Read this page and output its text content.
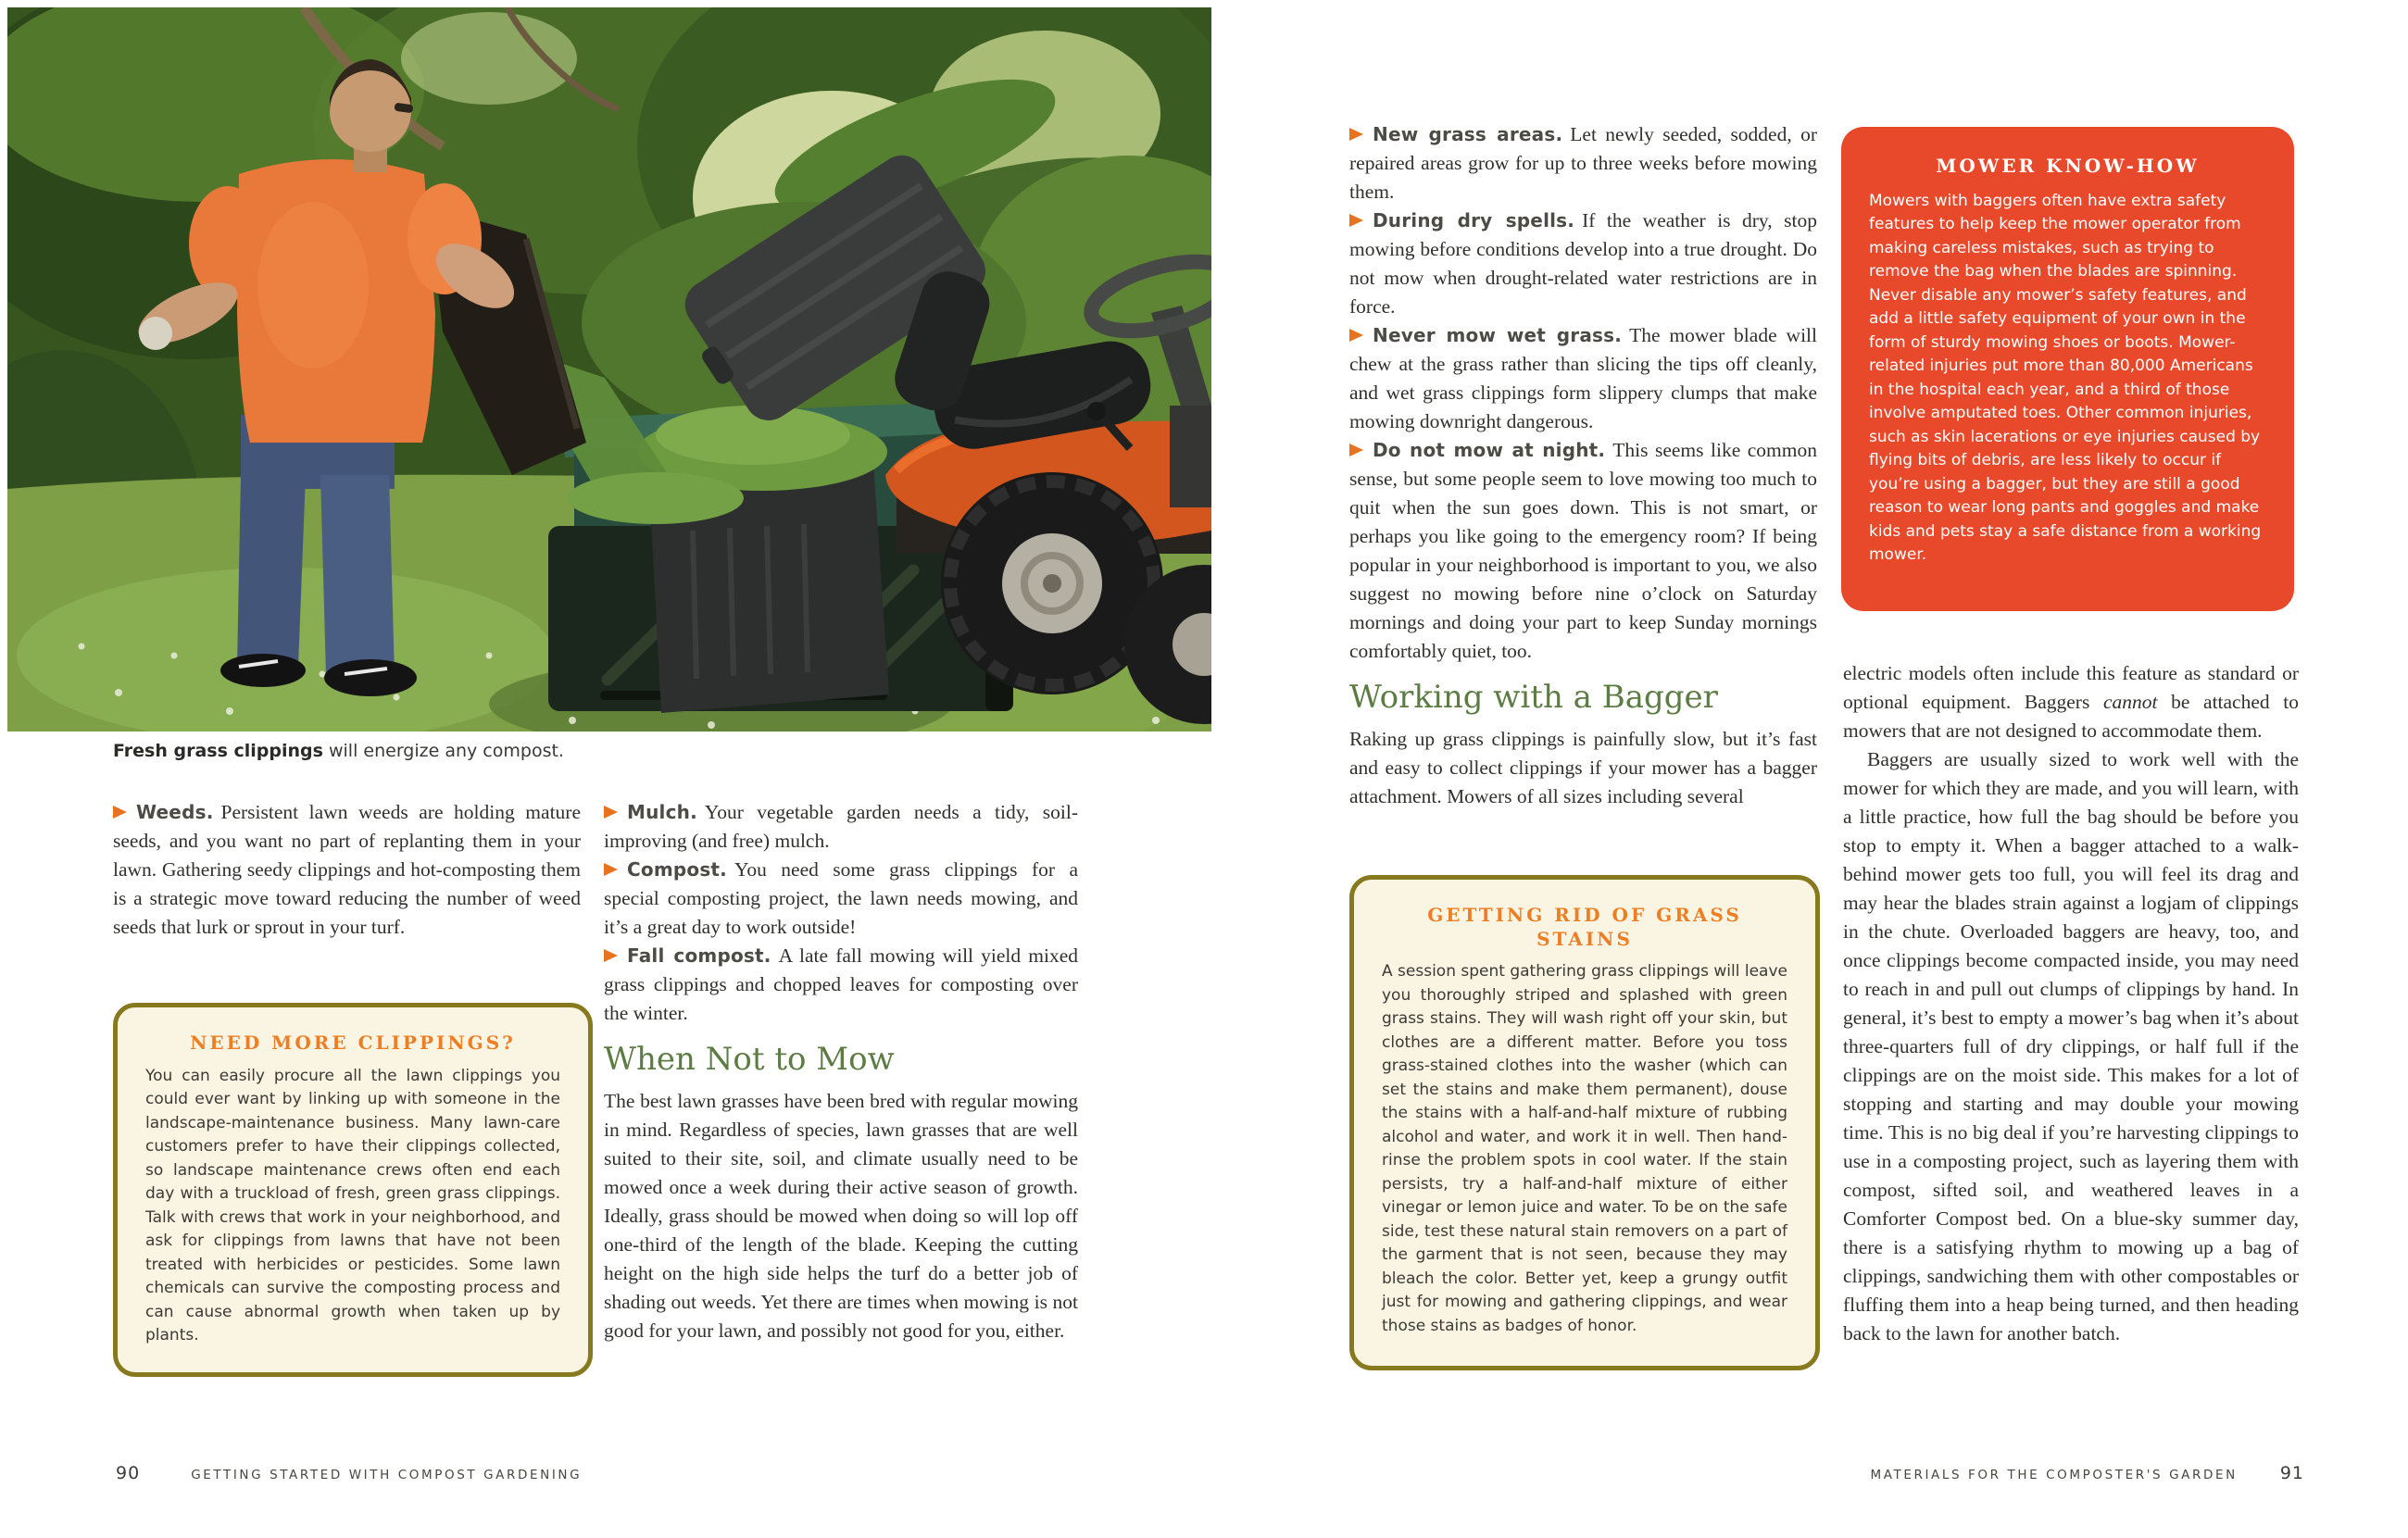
Fresh grass clippings will energize any compost.

Weeds. Persistent lawn weeds are holding mature seeds, and you want no part of replanting them in your lawn. Gathering seedy clippings and hot-composting them is a strategic move toward reducing the number of weed seeds that lurk or sprout in your turf.

NEED MORE CLIPPINGS?

You can easily procure all the lawn clippings you could ever want by linking up with someone in the landscape-maintenance business. Many lawn-care customers prefer to have their clippings collected, so landscape maintenance crews often end each day with a truckload of fresh, green grass clippings. Talk with crews that work in your neighborhood, and ask for clippings from lawns that have not been treated with herbicides or pesticides. Some lawn chemicals can survive the composting process and can cause abnormal growth when taken up by plants.

Mulch. Your vegetable garden needs a tidy, soil-improving (and free) mulch.

Compost. You need some grass clippings for a special composting project, the lawn needs mowing, and it’s a great day to work outside!

Fall compost. A late fall mowing will yield mixed grass clippings and chopped leaves for composting over the winter.

When Not to Mow

The best lawn grasses have been bred with regular mowing in mind. Regardless of species, lawn grasses that are well suited to their site, soil, and climate usually need to be mowed once a week during their active season of growth. Ideally, grass should be mowed when doing so will lop off one-third of the length of the blade. Keeping the cutting height on the high side helps the turf do a better job of shading out weeds. Yet there are times when mowing is not good for your lawn, and possibly not good for you, either.

New grass areas. Let newly seeded, sodded, or repaired areas grow for up to three weeks before mowing them.

During dry spells. If the weather is dry, stop mowing before conditions develop into a true drought. Do not mow when drought-related water restrictions are in force.

Never mow wet grass. The mower blade will chew at the grass rather than slicing the tips off cleanly, and wet grass clippings form slippery clumps that make mowing downright dangerous.

Do not mow at night. This seems like common sense, but some people seem to love mowing too much to quit when the sun goes down. This is not smart, or perhaps you like going to the emergency room? If being popular in your neighborhood is important to you, we also suggest no mowing before nine o’clock on Saturday mornings and doing your part to keep Sunday mornings comfortably quiet, too.

Working with a Bagger

Raking up grass clippings is painfully slow, but it’s fast and easy to collect clippings if your mower has a bagger attachment. Mowers of all sizes including several

GETTING RID OF GRASS STAINS

A session spent gathering grass clippings will leave you thoroughly striped and splashed with green grass stains. They will wash right off your skin, but clothes are a different matter. Before you toss grass-stained clothes into the washer (which can set the stains and make them permanent), douse the stains with a half-and-half mixture of rubbing alcohol and water, and work it in well. Then hand-rinse the problem spots in cool water. If the stain persists, try a half-and-half mixture of either vinegar or lemon juice and water. To be on the safe side, test these natural stain removers on a part of the garment that is not seen, because they may bleach the color. Better yet, keep a grungy outfit just for mowing and gathering clippings, and wear those stains as badges of honor.

MOWER KNOW-HOW

Mowers with baggers often have extra safety features to help keep the mower operator from making careless mistakes, such as trying to remove the bag when the blades are spinning. Never disable any mower’s safety features, and add a little safety equipment of your own in the form of sturdy mowing shoes or boots. Mower-related injuries put more than 80,000 Americans in the hospital each year, and a third of those involve amputated toes. Other common injuries, such as skin lacerations or eye injuries caused by flying bits of debris, are less likely to occur if you’re using a bagger, but they are still a good reason to wear long pants and goggles and make kids and pets stay a safe distance from a working mower.

electric models often include this feature as standard or optional equipment. Baggers cannot be attached to mowers that are not designed to accommodate them.

Baggers are usually sized to work well with the mower for which they are made, and you will learn, with a little practice, how full the bag should be before you stop to empty it. When a bagger attached to a walk-behind mower gets too full, you will feel its drag and may hear the blades strain against a logjam of clippings in the chute. Overloaded baggers are heavy, too, and once clippings become compacted inside, you may need to reach in and pull out clumps of clippings by hand. In general, it’s best to empty a mower’s bag when it’s about three-quarters full of dry clippings, or half full if the clippings are on the moist side. This makes for a lot of stopping and starting and may double your mowing time. This is no big deal if you’re harvesting clippings to use in a composting project, such as layering them with compost, sifted soil, and weathered leaves in a Comforter Compost bed. On a blue-sky summer day, there is a satisfying rhythm to mowing up a bag of clippings, sandwiching them with other compostables or fluffing them into a heap being turned, and then heading back to the lawn for another batch.

90	GETTING STARTED WITH COMPOST GARDENING	MATERIALS FOR THE COMPOSTER'S GARDEN 91
